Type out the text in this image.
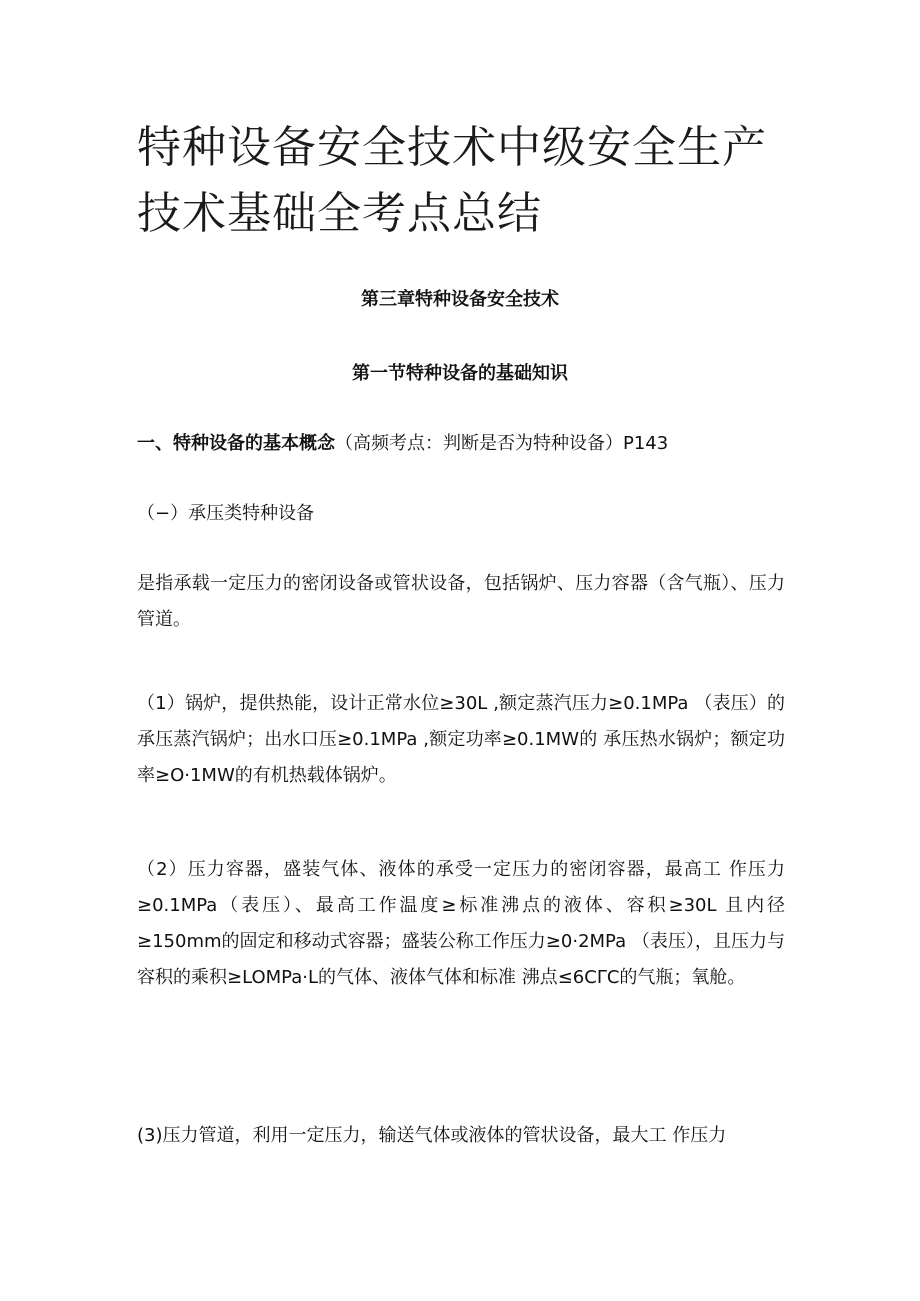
特种设备安全技术中级安全生产 技术基础全考点总结
第三章特种设备安全技术
第一节特种设备的基础知识

一、特种设备的基本概念（高频考点：判断是否为特种设备）P143

（−）承压类特种设备

是指承载一定压力的密闭设备或管状设备，包括锅炉、压力容器（含气瓶）、压力管道。

（1）锅炉，提供热能，设计正常水位≥30L ,额定蒸汽压力≥0.1MPa （表压）的承压蒸汽锅炉；出水口压≥0.1MPa ,额定功率≥0.1MW的 承压热水锅炉；额定功率≥O·1MW的有机热载体锅炉。

（2）压力容器，盛装气体、液体的承受一定压力的密闭容器，最高工 作压力≥0.1MPa（表压）、最高工作温度≥标准沸点的液体、容积≥30L 且内径≥150mm的固定和移动式容器；盛装公称工作压力≥0·2MPa （表压），且压力与容积的乘积≥LOMPa·L的气体、液体气体和标准 沸点≤6CΓC的气瓶；氧舱。

(3)压力管道，利用一定压力，输送气体或液体的管状设备，最大工 作压力
